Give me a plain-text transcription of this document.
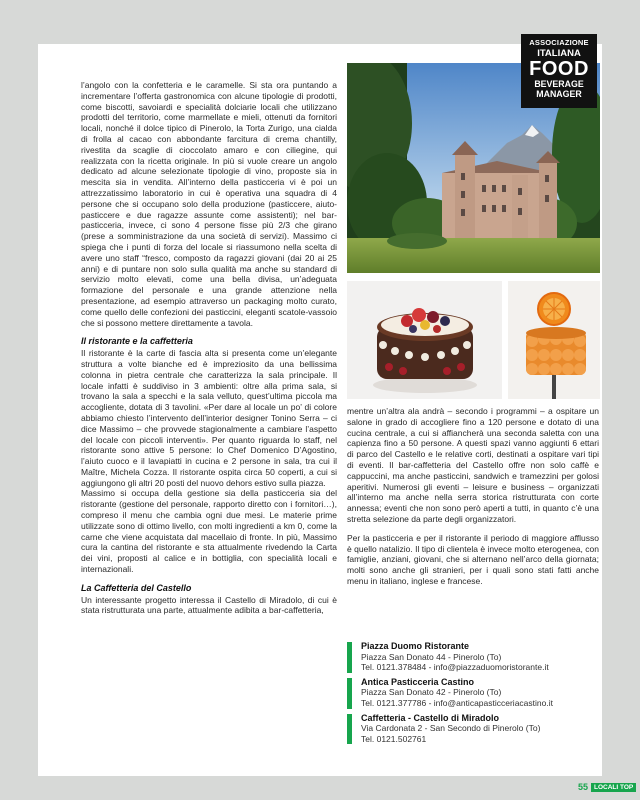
ASSOCIAZIONE
ITALIANA
FOOD
BEVERAGE
MANAGER

l’angolo con la confetteria e le caramelle. Si sta ora puntando a incrementare l’offerta gastronomica con alcune tipologie di prodotti, come biscotti, savoiardi e specialità dolciarie locali che utilizzano prodotti del territorio, come marmellate e mieli, ottenuti da fornitori locali, nonché il dolce tipico di Pinerolo, la Torta Zurigo, una cialda di frolla al cacao con abbondante farcitura di crema chantilly, rivestita da scaglie di cioccolato amaro e con ciliegine, qui realizzata con la ricetta originale. In più si vuole creare un angolo dedicato ad alcune selezionate tipologie di vino, proposte sia in mescita sia in vendita. All’interno della pasticceria vi è poi un attrezzatissimo laboratorio in cui è operativa una squadra di 4 persone che si occupano solo della produzione (pasticcere, aiuto-pasticcere e due ragazze assunte come assistenti); nel bar-pasticceria, invece, ci sono 4 persone fisse più 2/3 che girano (prese a somministrazione da una società di servizi). Massimo ci spiega che i punti di forza del locale si riassumono nella scelta di avere uno staff “fresco, composto da ragazzi giovani (dai 20 ai 25 anni) e di puntare non solo sulla qualità ma anche su standard di servizio molto elevati, come una bella divisa, un’adeguata formazione del personale e una grande attenzione nella presentazione, ad esempio attraverso un packaging molto curato, come quello delle confezioni dei pasticcini, eleganti scatole-vassoio che si possono mettere direttamente a tavola.

Il ristorante e la caffetteria

Il ristorante è la carte di fascia alta si presenta come un’elegante struttura a volte bianche ed è impreziosito da una bellissima colonna in pietra centrale che caratterizza la sala principale. Il locale infatti è suddiviso in 3 ambienti: oltre alla prima sala, si trovano la sala a specchi e la sala velluto, quest’ultima piccola ma accogliente, dotata di 3 tavolini. «Per dare al locale un po’ di colore abbiamo chiesto l’intervento dell’interior designer Tonino Serra – ci dice Massimo – che provvede stagionalmente a cambiare l’aspetto del locale con piccoli interventi». Per quanto riguarda lo staff, nel ristorante sono attive 5 persone: lo Chef Domenico D’Agostino, l’aiuto cuoco e il lavapiatti in cucina e 2 persone in sala, tra cui il Maître, Michela Cozza. Il ristorante ospita circa 50 coperti, a cui si aggiungono gli altri 20 posti del nuovo dehors estivo sulla piazza.

Massimo si occupa della gestione sia della pasticceria sia del ristorante (gestione del personale, rapporto diretto con i fornitori…), compreso il menu che cambia ogni due mesi. Le materie prime utilizzate sono di ottimo livello, con molti ingredienti a km 0, come la carne che viene acquistata dal macellaio di fronte. In più, Massimo cura la cantina del ristorante e sta attualmente rivedendo la Carta dei vini, proposti al calice e in bottiglia, con specialità locali e internazionali.

La Caffetteria del Castello

Un interessante progetto interessa il Castello di Miradolo, di cui è stata ristrutturata una parte, attualmente adibita a bar-caffetteria,

mentre un’altra ala andrà – secondo i programmi – a ospitare un salone in grado di accogliere fino a 120 persone e dotato di una cucina centrale, a cui si affiancherà una seconda saletta con una capienza fino a 50 persone. A questi spazi vanno aggiunti 6 ettari di parco del Castello e le relative corti, destinati a ospitare vari tipi di eventi. Il bar-caffetteria del Castello offre non solo caffè e cappuccini, ma anche pasticcini, sandwich e tramezzini per golosi aperitivi. Numerosi gli eventi – leisure e business – organizzati all’interno ma anche nella serra storica ristrutturata con corte annessa; eventi che non sono però aperti a tutti, in quanto c’è una stretta selezione da parte degli organizzatori.

Per la pasticceria e per il ristorante il periodo di maggiore afflusso è quello natalizio. Il tipo di clientela è invece molto eterogenea, con famiglie, anziani, giovani, che si alternano nell’arco della giornata; molti sono anche gli stranieri, per i quali sono stati fatti anche menu in italiano, inglese e francese.

Piazza Duomo Ristorante
Piazza San Donato 44 - Pinerolo (To)
Tel. 0121.378484 - info@piazzaduomoristorante.it
Antica Pasticceria Castino
Piazza San Donato 42 - Pinerolo (To)
Tel. 0121.377786 - info@anticapasticceriacastino.it
Caffetteria - Castello di Miradolo
Via Cardonata 2 - San Secondo di Pinerolo (To)
Tel. 0121.502761
55 LOCALI TOP
